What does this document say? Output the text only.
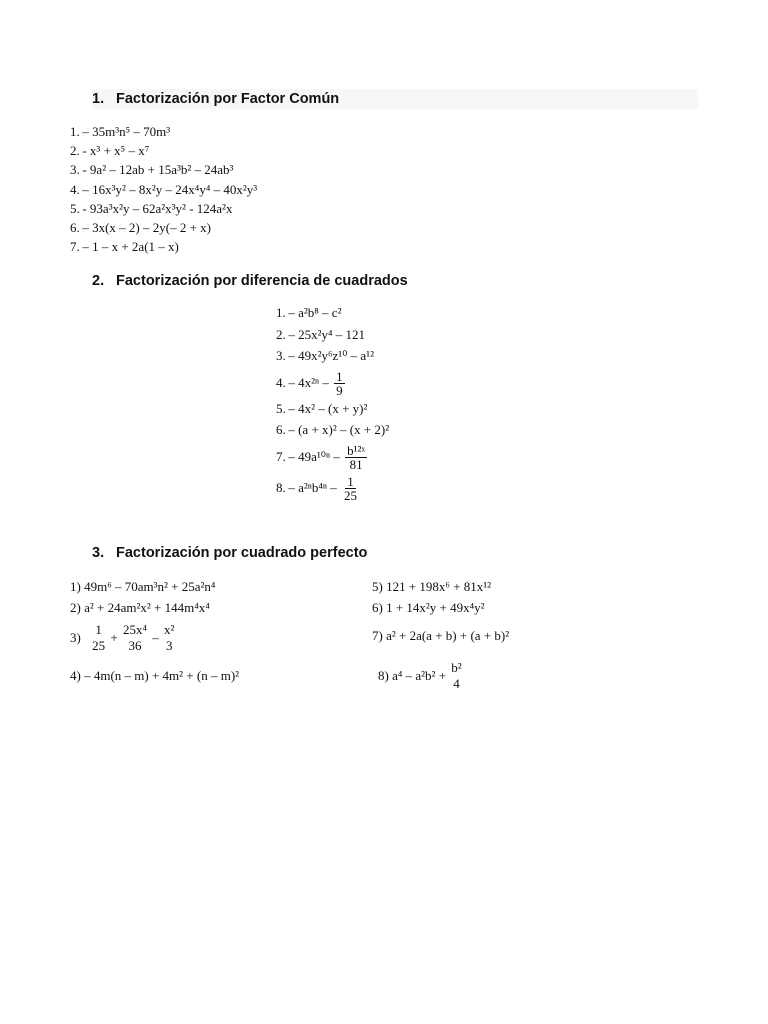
1. Factorización por Factor Común
2. Factorización por diferencia de cuadrados
3. Factorización por cuadrado perfecto
1. – 35m³n⁵ – 70m³
2. - x³ + x⁵ – x⁷
3. - 9a² – 12ab + 15a³b² – 24ab³
4. – 16x³y² – 8x²y – 24x⁴y⁴ – 40x²y³
5. - 93a³x²y – 62a²x³y² - 124a²x
6. – 3x(x – 2) – 2y(– 2 + x)
7. – 1 – x + 2a(1 – x)
1. – a²b⁸ – c²
2. – 25x²y⁴ – 121
3. – 49x²y⁶z¹⁰ – a¹²
4. – $4x^{2n} - \frac{1}{9}$
5. – 4x² – (x + y)²
6. – (a + x)² – (x + 2)²
7. – $49a^{10n} - \frac{\text{b¹²ˣ}}{81}$
8. – $a^{2n}b^{4n} - \frac{1}{25}$
1) 49m⁶ – 70am³n² + 25a²n⁴
2) a² + 24am²x² + 144m⁴x⁴
3)
1
25
+
25x⁴
36
–
x²
3
4) – 4m(n – m) + 4m² + (n – m)²
5) 121 + 198x⁶ + 81x¹²
6) 1 + 14x²y + 49x⁴y²
7) a² + 2a(a + b) + (a + b)²
8) a⁴ – a²b² +
b²
4
